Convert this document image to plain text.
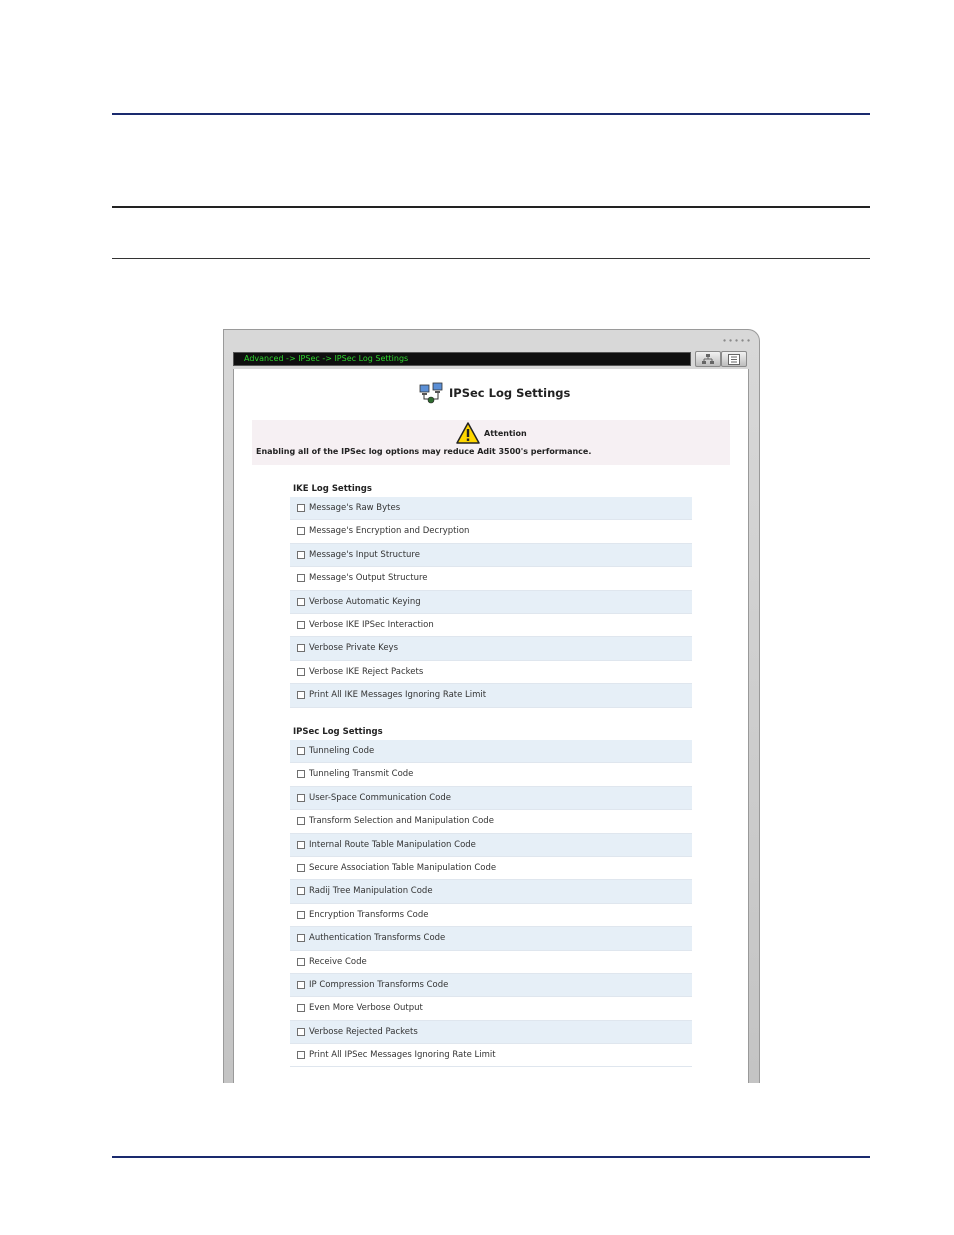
∙∙∙∙∙
Advanced -> IPSec -> IPSec Log Settings
IPSec Log Settings
Attention
Enabling all of the IPSec log options may reduce Adit 3500's performance.
IKE Log Settings
Message's Raw Bytes
Message's Encryption and Decryption
Message's Input Structure
Message's Output Structure
Verbose Automatic Keying
Verbose IKE IPSec Interaction
Verbose Private Keys
Verbose IKE Reject Packets
Print All IKE Messages Ignoring Rate Limit
IPSec Log Settings
Tunneling Code
Tunneling Transmit Code
User-Space Communication Code
Transform Selection and Manipulation Code
Internal Route Table Manipulation Code
Secure Association Table Manipulation Code
Radij Tree Manipulation Code
Encryption Transforms Code
Authentication Transforms Code
Receive Code
IP Compression Transforms Code
Even More Verbose Output
Verbose Rejected Packets
Print All IPSec Messages Ignoring Rate Limit
